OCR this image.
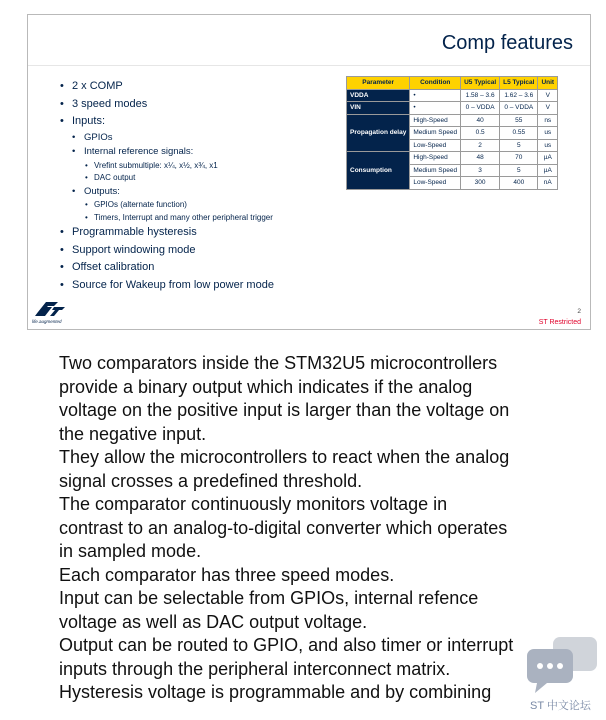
Comp features
• 2 x COMP
• 3 speed modes
• Inputs:
• GPIOs
• Internal reference signals:
• Vrefint submultiple: x¼, x½, x¾, x1
• DAC output
• Outputs:
• GPIOs (alternate function)
• Timers, Interrupt and many other peripheral trigger
• Programmable hysteresis
• Support windowing mode
• Offset calibration
• Source for Wakeup from low power mode
Parameter	Condition	U5 Typical	L5 Typical	Unit
VDDA	•	1.58 – 3.6	1.62 – 3.6	V
VIN	•	0 – VDDA	0 – VDDA	V
Propagation delay	High-Speed	40	55	ns
	Medium Speed	0.5	0.55	us
	Low-Speed	2	5	us
Consumption	High-Speed	48	70	µA
	Medium Speed	3	5	µA
	Low-Speed	300	400	nA
life.augmented
2
ST Restricted
Two comparators inside the STM32U5 microcontrollers
provide a binary output which indicates if the analog
voltage on the positive input is larger than the voltage on
the negative input.
They allow the microcontrollers to react when the analog
signal crosses a predefined threshold.
The comparator continuously monitors voltage in
contrast to an analog-to-digital converter which operates
in sampled mode.
Each comparator has three speed modes.
Input can be selectable from GPIOs, internal refence
voltage as well as DAC output voltage.
Output can be routed to GPIO, and also timer or interrupt
inputs through the peripheral interconnect matrix.
Hysteresis voltage is programmable and by combining
ST 中文论坛
